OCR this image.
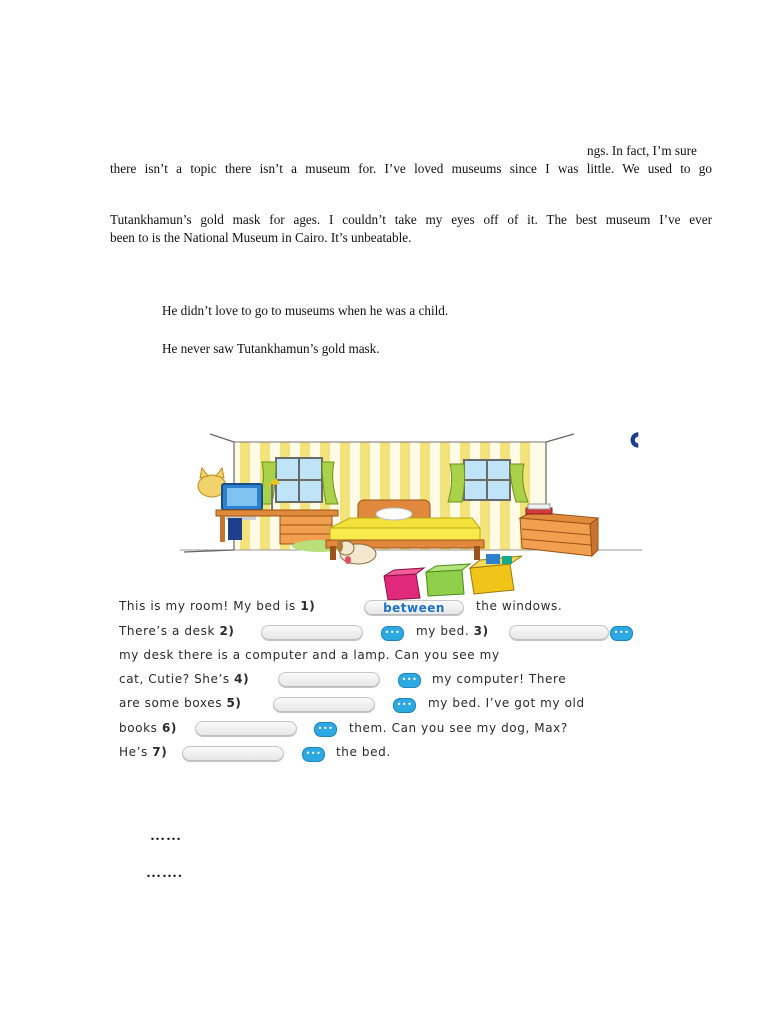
ngs. In fact, I’m sure
there isn’t a topic there isn’t a museum for. I’ve loved museums since I was little. We used to go
Tutankhamun’s gold mask for ages. I couldn’t take my eyes off of it. The best museum I’ve ever
been to is the National Museum in Cairo. It’s unbeatable.
He didn’t love to go to museums when he was a child.
He never saw Tutankhamun’s gold mask.
This is my room! My bed is 1)	between	the windows.
There’s a desk 2)	•••	my bed. 3)	•••
my desk there is a computer and a lamp. Can you see my
cat, Cutie? She’s 4)	•••	my computer! There
are some boxes 5)	•••	my bed. I’ve got my old
books 6)	•••	them. Can you see my dog, Max?
He’s 7)	•••	the bed.
……
…….
